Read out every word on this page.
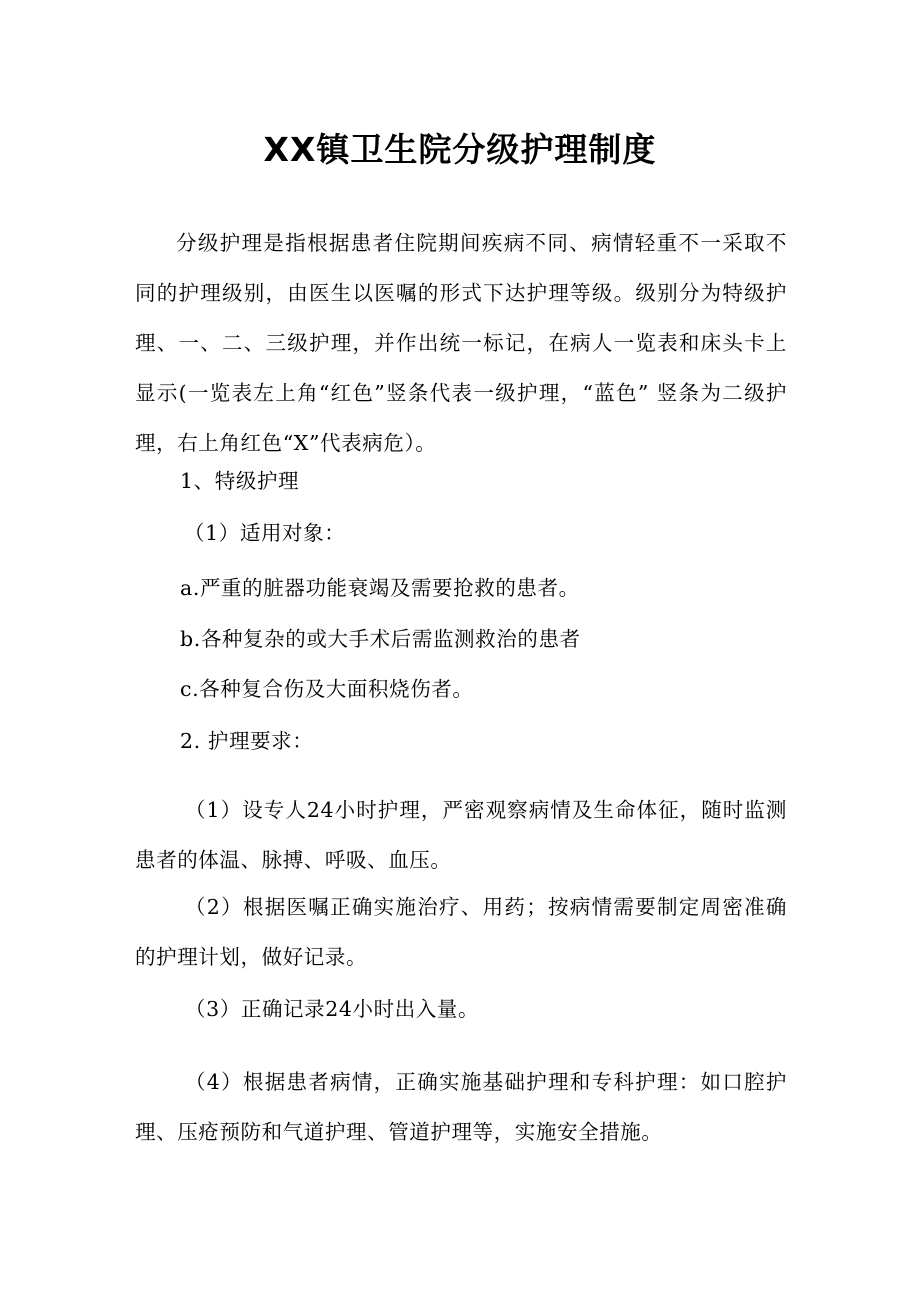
XX镇卫生院分级护理制度
分级护理是指根据患者住院期间疾病不同、病情轻重不一采取不同的护理级别，由医生以医嘱的形式下达护理等级。级别分为特级护理、一、二、三级护理，并作出统一标记，在病人一览表和床头卡上显示(一览表左上角“红色”竖条代表一级护理，“蓝色” 竖条为二级护理，右上角红色“X”代表病危）。
1、特级护理
（1）适用对象：
a.严重的脏器功能衰竭及需要抢救的患者。
b.各种复杂的或大手术后需监测救治的患者
c.各种复合伤及大面积烧伤者。
2. 护理要求：
（1）设专人24小时护理，严密观察病情及生命体征，随时监测患者的体温、脉搏、呼吸、血压。
（2）根据医嘱正确实施治疗、用药；按病情需要制定周密准确的护理计划，做好记录。
（3）正确记录24小时出入量。
（4）根据患者病情，正确实施基础护理和专科护理：如口腔护理、压疮预防和气道护理、管道护理等，实施安全措施。
